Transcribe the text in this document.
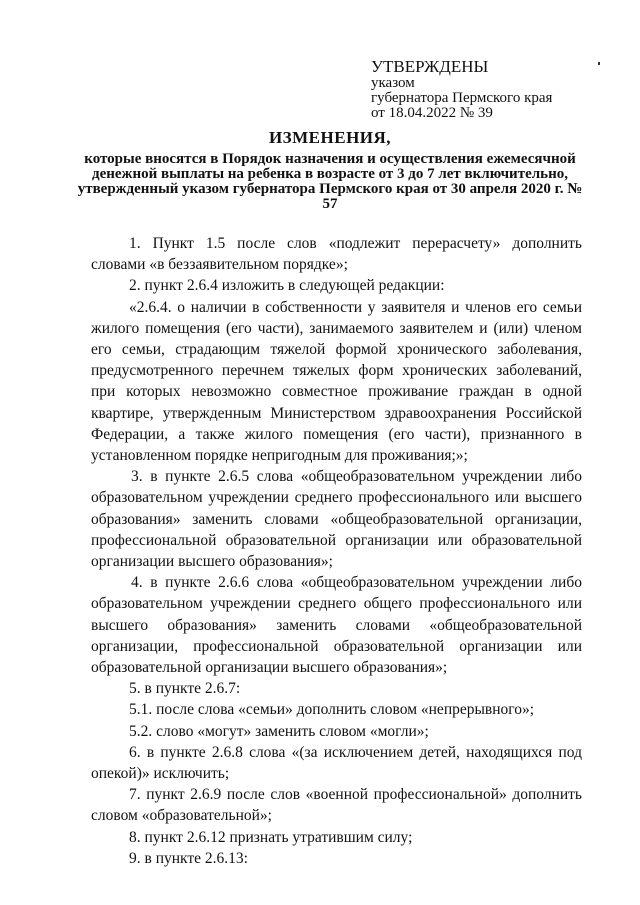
УТВЕРЖДЕНЫ
указом
губернатора Пермского края
от 18.04.2022 № 39
ИЗМЕНЕНИЯ,
которые вносятся в Порядок назначения и осуществления ежемесячной денежной выплаты на ребенка в возрасте от 3 до 7 лет включительно, утвержденный указом губернатора Пермского края от 30 апреля 2020 г. № 57

1. Пункт 1.5 после слов «подлежит перерасчету» дополнить словами «в беззаявительном порядке»;

2. пункт 2.6.4 изложить в следующей редакции:

«2.6.4. о наличии в собственности у заявителя и членов его семьи жилого помещения (его части), занимаемого заявителем и (или) членом его семьи, страдающим тяжелой формой хронического заболевания, предусмотренного перечнем тяжелых форм хронических заболеваний, при которых невозможно совместное проживание граждан в одной квартире, утвержденным Министерством здравоохранения Российской Федерации, а также жилого помещения (его части), признанного в установленном порядке непригодным для проживания;»;

3. в пункте 2.6.5 слова «общеобразовательном учреждении либо образовательном учреждении среднего профессионального или высшего образования» заменить словами «общеобразовательной организации, профессиональной образовательной организации или образовательной организации высшего образования»;

4. в пункте 2.6.6 слова «общеобразовательном учреждении либо образовательном учреждении среднего общего профессионального или высшего образования» заменить словами «общеобразовательной организации, профессиональной образовательной организации или образовательной организации высшего образования»;

5. в пункте 2.6.7:

5.1. после слова «семьи» дополнить словом «непрерывного»;

5.2. слово «могут» заменить словом «могли»;

6. в пункте 2.6.8 слова «(за исключением детей, находящихся под опекой)» исключить;

7. пункт 2.6.9 после слов «военной профессиональной» дополнить словом «образовательной»;

8. пункт 2.6.12 признать утратившим силу;

9. в пункте 2.6.13:
